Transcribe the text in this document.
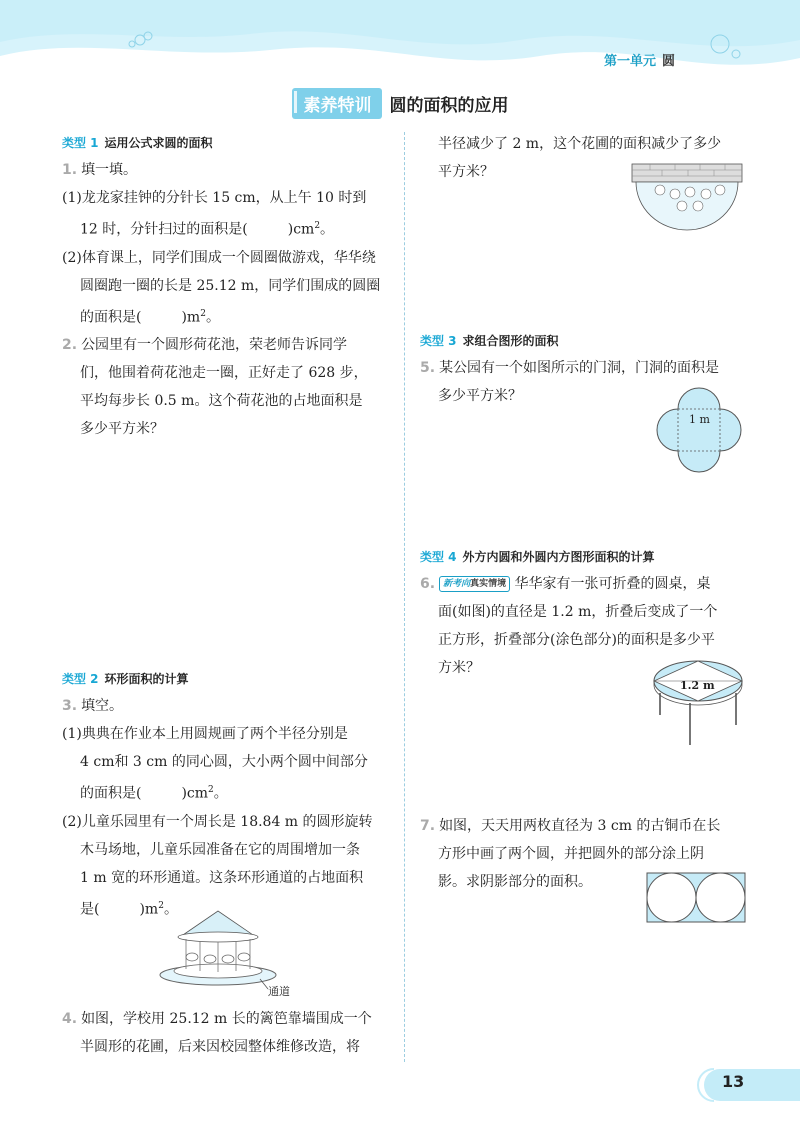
第一单元 圆
素养特训 圆的面积的应用
类型 1 运用公式求圆的面积

1. 填一填。

(1)龙龙家挂钟的分针长 15 cm，从上午 10 时到

12 时，分针扫过的面积是(	)$cm^2$。

(2)体育课上，同学们围成一个圆圈做游戏，华华绕

圆圈跑一圈的长是 25.12 m，同学们围成的圆圈

的面积是(	)$m^2$。

2. 公园里有一个圆形荷花池，荣老师告诉同学

们，他围着荷花池走一圈，正好走了 628 步，

平均每步长 0.5 m。这个荷花池的占地面积是

多少平方米？

类型 2 环形面积的计算

3. 填空。

(1)典典在作业本上用圆规画了两个半径分别是

4 cm和 3 cm 的同心圆，大小两个圆中间部分

的面积是(	)$cm^2$。

(2)儿童乐园里有一个周长是 18.84 m 的圆形旋转

木马场地，儿童乐园准备在它的周围增加一条

1 m 宽的环形通道。这条环形通道的占地面积

是(	)$m^2$。

通道

4. 如图，学校用 25.12 m 长的篱笆靠墙围成一个

半圆形的花圃，后来因校园整体维修改造，将

半径减少了 2 m，这个花圃的面积减少了多少

平方米？

类型 3 求组合图形的面积

5. 某公园有一个如图所示的门洞，门洞的面积是

多少平方米？

1 m
类型 4 外方内圆和外圆内方图形面积的计算

6. 新考向真实情境 华华家有一张可折叠的圆桌，桌

面(如图)的直径是 1.2 m，折叠后变成了一个

正方形，折叠部分(涂色部分)的面积是多少平

方米？

1.2 m

7. 如图，天天用两枚直径为 3 cm 的古铜币在长

方形中画了两个圆，并把圆外的部分涂上阴

影。求阴影部分的面积。

13
